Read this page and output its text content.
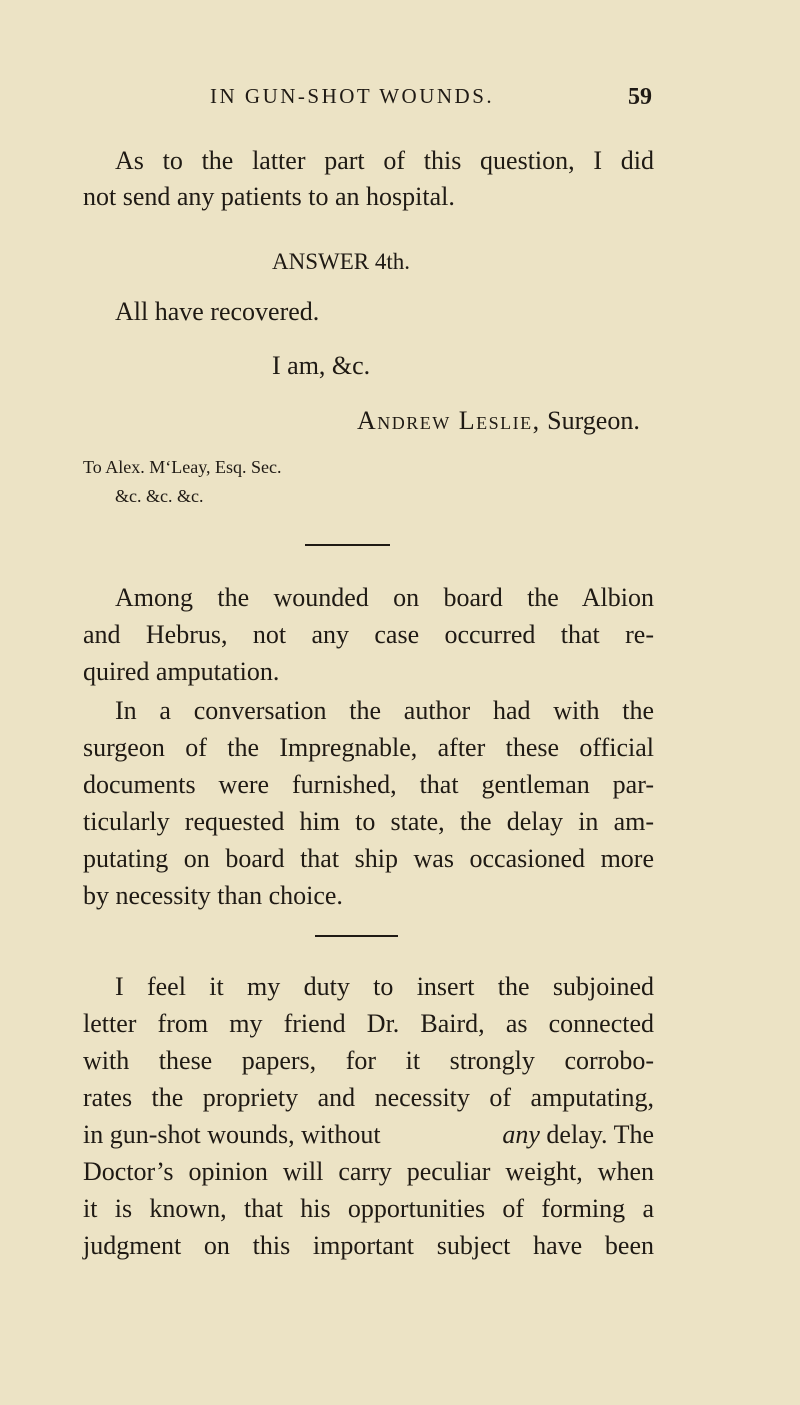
IN GUN-SHOT WOUNDS.	59
As to the latter part of this question, I did
not send any patients to an hospital.
ANSWER 4th.
All have recovered.
I am, &c.
Andrew Leslie, Surgeon.
To Alex. M‘Leay, Esq. Sec.
&c. &c. &c.
Among the wounded on board the Albion
and Hebrus, not any case occurred that re-
quired amputation.
In a conversation the author had with the
surgeon of the Impregnable, after these official
documents were furnished, that gentleman par-
ticularly requested him to state, the delay in am-
putating on board that ship was occasioned more
by necessity than choice.
I feel it my duty to insert the subjoined
letter from my friend Dr. Baird, as connected
with these papers, for it strongly corrobo-
rates the propriety and necessity of amputating,
in gun-shot wounds, without	any delay. The
Doctor’s opinion will carry peculiar weight, when
it is known, that his opportunities of forming a
judgment on this important subject have been
